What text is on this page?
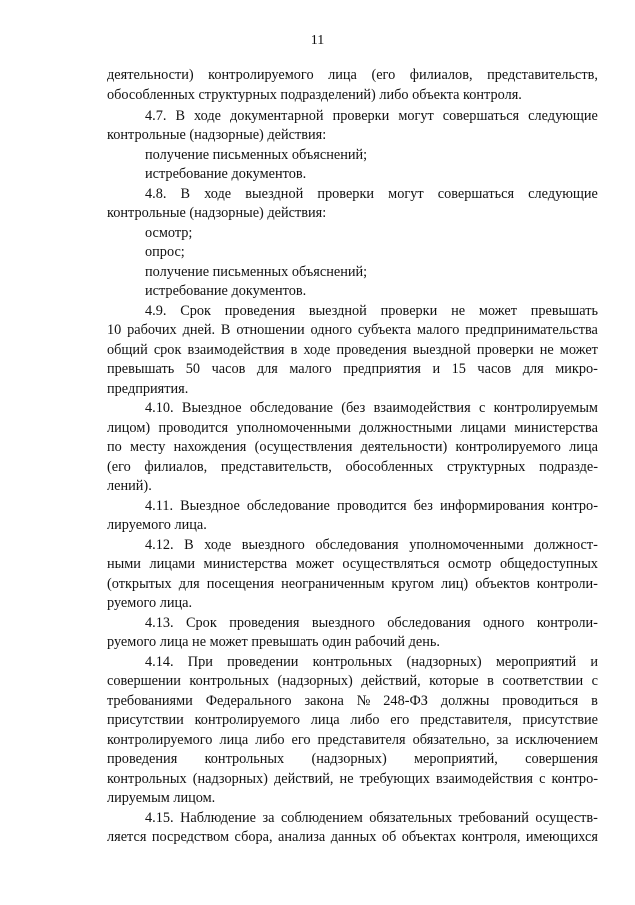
11
деятельности) контролируемого лица (его филиалов, представительств,
обособленных структурных подразделений) либо объекта контроля.
4.7. В ходе документарной проверки могут совершаться следующие
контрольные (надзорные) действия:
получение письменных объяснений;
истребование документов.
4.8. В ходе выездной проверки могут совершаться следующие
контрольные (надзорные) действия:
осмотр;
опрос;
получение письменных объяснений;
истребование документов.
4.9. Срок проведения выездной проверки не может превышать
10 рабочих дней. В отношении одного субъекта малого предпринимательства
общий срок взаимодействия в ходе проведения выездной проверки не может
превышать 50 часов для малого предприятия и 15 часов для микро-
предприятия.
4.10. Выездное обследование (без взаимодействия с контролируемым
лицом) проводится уполномоченными должностными лицами министерства
по месту нахождения (осуществления деятельности) контролируемого лица
(его филиалов, представительств, обособленных структурных подразде-
лений).
4.11. Выездное обследование проводится без информирования контро-
лируемого лица.
4.12. В ходе выездного обследования уполномоченными должност-
ными лицами министерства может осуществляться осмотр общедоступных
(открытых для посещения неограниченным кругом лиц) объектов контроли-
руемого лица.
4.13. Срок проведения выездного обследования одного контроли-
руемого лица не может превышать один рабочий день.
4.14. При проведении контрольных (надзорных) мероприятий и
совершении контрольных (надзорных) действий, которые в соответствии с
требованиями Федерального закона № 248-ФЗ должны проводиться в
присутствии контролируемого лица либо его представителя, присутствие
контролируемого лица либо его представителя обязательно, за исключением
проведения контрольных (надзорных) мероприятий, совершения
контрольных (надзорных) действий, не требующих взаимодействия с контро-
лируемым лицом.
4.15. Наблюдение за соблюдением обязательных требований осуществ-
ляется посредством сбора, анализа данных об объектах контроля, имеющихся
